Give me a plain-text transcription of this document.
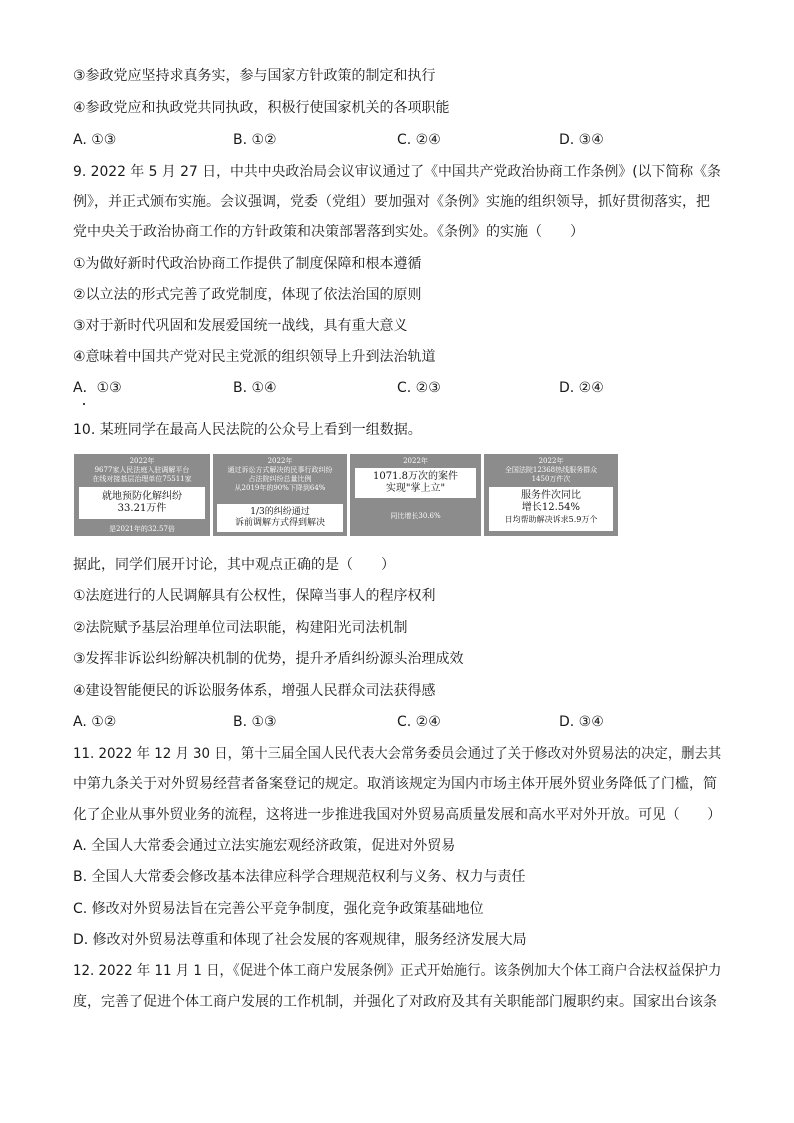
③参政党应坚持求真务实，参与国家方针政策的制定和执行
④参政党应和执政党共同执政，积极行使国家机关的各项职能
A. ①③	B. ①②	C. ②④	D. ③④
9. 2022 年 5 月 27 日，中共中央政治局会议审议通过了《中国共产党政治协商工作条例》(以下简称《条
例》，并正式颁布实施。会议强调，党委（党组）要加强对《条例》实施的组织领导，抓好贯彻落实，把
党中央关于政治协商工作的方针政策和决策部署落到实处。《条例》的实施（　　）
①为做好新时代政治协商工作提供了制度保障和根本遵循
②以立法的形式完善了政党制度，体现了依法治国的原则
③对于新时代巩固和发展爱国统一战线，具有重大意义
④意味着中国共产党对民主党派的组织领导上升到法治轨道
A．①③	B. ①④	C. ②③	D. ②④
10. 某班同学在最高人民法院的公众号上看到一组数据。
2022年
9677家人民法庭入驻调解平台
在线对接基层治理单位75511家
就地预防化解纠纷
33.21万件
是2021年的32.57倍
2022年
通过诉讼方式解决的民事行政纠纷
占法院纠纷总量比例
从2019年的90%下降到64%
1/3的纠纷通过
诉前调解方式得到解决
2022年
1071.8万次的案件
实现"掌上立"
同比增长30.6%
2022年
全国法院12368热线服务群众
1450万件次
服务件次同比
增长12.54%
日均帮助解决诉求5.9万个
据此，同学们展开讨论，其中观点正确的是（　　）
①法庭进行的人民调解具有公权性，保障当事人的程序权利
②法院赋予基层治理单位司法职能，构建阳光司法机制
③发挥非诉讼纠纷解决机制的优势，提升矛盾纠纷源头治理成效
④建设智能便民的诉讼服务体系，增强人民群众司法获得感
A. ①②	B. ①③	C. ②④	D. ③④
11. 2022 年 12 月 30 日，第十三届全国人民代表大会常务委员会通过了关于修改对外贸易法的决定，删去其
中第九条关于对外贸易经营者备案登记的规定。取消该规定为国内市场主体开展外贸业务降低了门槛，简
化了企业从事外贸业务的流程，这将进一步推进我国对外贸易高质量发展和高水平对外开放。可见（　　）
A. 全国人大常委会通过立法实施宏观经济政策，促进对外贸易
B. 全国人大常委会修改基本法律应科学合理规范权利与义务、权力与责任
C. 修改对外贸易法旨在完善公平竞争制度，强化竞争政策基础地位
D. 修改对外贸易法尊重和体现了社会发展的客观规律，服务经济发展大局
12. 2022 年 11 月 1 日，《促进个体工商户发展条例》正式开始施行。该条例加大个体工商户合法权益保护力
度，完善了促进个体工商户发展的工作机制，并强化了对政府及其有关职能部门履职约束。国家出台该条
